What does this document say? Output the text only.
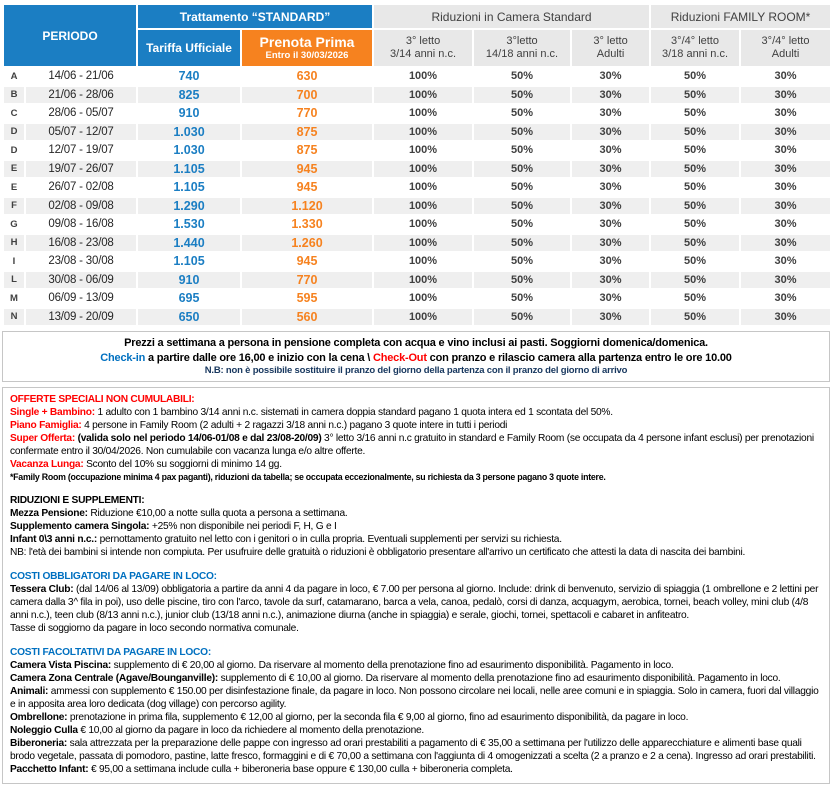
PERIODO		Trattamento “STANDARD”		Riduzioni in Camera Standard			Riduzioni FAMILY ROOM*	
Tariffa Ufficiale	Prenota Prima
Entro il 30/03/2026

3° letto
3/14 anni n.c.

3°letto
14/18 anni n.c.

3° letto
Adulti

3°/4° letto
3/18 anni n.c.

3°/4° letto
Adulti

A	14/06 - 21/06	740	630	100%	50%	30%	50%	30%
B	21/06 - 28/06	825	700	100%	50%	30%	50%	30%
C	28/06 - 05/07	910	770	100%	50%	30%	50%	30%
D	05/07 - 12/07	1.030	875	100%	50%	30%	50%	30%
D	12/07 - 19/07	1.030	875	100%	50%	30%	50%	30%
E	19/07 - 26/07	1.105	945	100%	50%	30%	50%	30%
E	26/07 - 02/08	1.105	945	100%	50%	30%	50%	30%
F	02/08 - 09/08	1.290	1.120	100%	50%	30%	50%	30%
G	09/08 - 16/08	1.530	1.330	100%	50%	30%	50%	30%
H	16/08 - 23/08	1.440	1.260	100%	50%	30%	50%	30%
I	23/08 - 30/08	1.105	945	100%	50%	30%	50%	30%
L	30/08 - 06/09	910	770	100%	50%	30%	50%	30%
M	06/09 - 13/09	695	595	100%	50%	30%	50%	30%
N	13/09 - 20/09	650	560	100%	50%	30%	50%	30%
Prezzi a settimana a persona in pensione completa con acqua e vino inclusi ai pasti. Soggiorni domenica/domenica.
Check-in a partire dalle ore 16,00 e inizio con la cena \ Check-Out con pranzo e rilascio camera alla partenza entro le ore 10.00
N.B: non è possibile sostituire il pranzo del giorno della partenza con il pranzo del giorno di arrivo

OFFERTE SPECIALI NON CUMULABILI:

Single + Bambino: 1 adulto con 1 bambino 3/14 anni n.c. sistemati in camera doppia standard pagano 1 quota intera ed 1 scontata del 50%.

Piano Famiglia: 4 persone in Family Room (2 adulti + 2 ragazzi 3/18 anni n.c.) pagano 3 quote intere in tutti i periodi

Super Offerta: (valida solo nel periodo 14/06-01/08 e dal 23/08-20/09) 3° letto 3/16 anni n.c gratuito in standard e Family Room (se occupata da 4 persone infant esclusi) per prenotazioni confermate entro il 30/04/2026. Non cumulabile con vacanza lunga e/o altre offerte.

Vacanza Lunga: Sconto del 10% su soggiorni di minimo 14 gg.

*Family Room (occupazione minima 4 pax paganti), riduzioni da tabella; se occupata eccezionalmente, su richiesta da 3 persone pagano 3 quote intere.

RIDUZIONI E SUPPLEMENTI:

Mezza Pensione: Riduzione €10,00 a notte sulla quota a persona a settimana.

Supplemento camera Singola: +25% non disponibile nei periodi F, H, G e I

Infant 0\3 anni n.c.: pernottamento gratuito nel letto con i genitori o in culla propria. Eventuali supplementi per servizi su richiesta.

NB: l'età dei bambini si intende non compiuta. Per usufruire delle gratuità o riduzioni è obbligatorio presentare all'arrivo un certificato che attesti la data di nascita dei bambini.

COSTI OBBLIGATORI DA PAGARE IN LOCO:

Tessera Club: (dal 14/06 al 13/09) obbligatoria a partire da anni 4 da pagare in loco, € 7.00 per persona al giorno. Include: drink di benvenuto, servizio di spiaggia (1 ombrellone e 2 lettini per camera dalla 3^ fila in poi), uso delle piscine, tiro con l'arco, tavole da surf, catamarano, barca a vela, canoa, pedalò, corsi di danza, acquagym, aerobica, tornei, beach volley, mini club (4/8 anni n.c.), teen club (8/13 anni n.c.), junior club (13/18 anni n.c.), animazione diurna (anche in spiaggia) e serale, giochi, tornei, spettacoli e cabaret in anfiteatro.

Tasse di soggiorno da pagare in loco secondo normativa comunale.

COSTI FACOLTATIVI DA PAGARE IN LOCO:

Camera Vista Piscina: supplemento di € 20,00 al giorno. Da riservare al momento della prenotazione fino ad esaurimento disponibilità. Pagamento in loco.

Camera Zona Centrale (Agave/Bounganville): supplemento di € 10,00 al giorno. Da riservare al momento della prenotazione fino ad esaurimento disponibilità. Pagamento in loco.

Animali: ammessi con supplemento € 150.00 per disinfestazione finale, da pagare in loco. Non possono circolare nei locali, nelle aree comuni e in spiaggia. Solo in camera, fuori dal villaggio e in apposita area loro dedicata (dog village) con percorso agility.

Ombrellone: prenotazione in prima fila, supplemento € 12,00 al giorno, per la seconda fila € 9,00 al giorno, fino ad esaurimento disponibilità, da pagare in loco.

Noleggio Culla € 10,00 al giorno da pagare in loco da richiedere al momento della prenotazione.

Biberoneria: sala attrezzata per la preparazione delle pappe con ingresso ad orari prestabiliti a pagamento di € 35,00 a settimana per l'utilizzo delle apparecchiature e alimenti base quali brodo vegetale, passata di pomodoro, pastine, latte fresco, formaggini e di € 70,00 a settimana con l'aggiunta di 4 omogenizzati a scelta (2 a pranzo e 2 a cena). Ingresso ad orari prestabiliti.

Pacchetto Infant: € 95,00 a settimana include culla + biberoneria base oppure € 130,00 culla + biberoneria completa.
